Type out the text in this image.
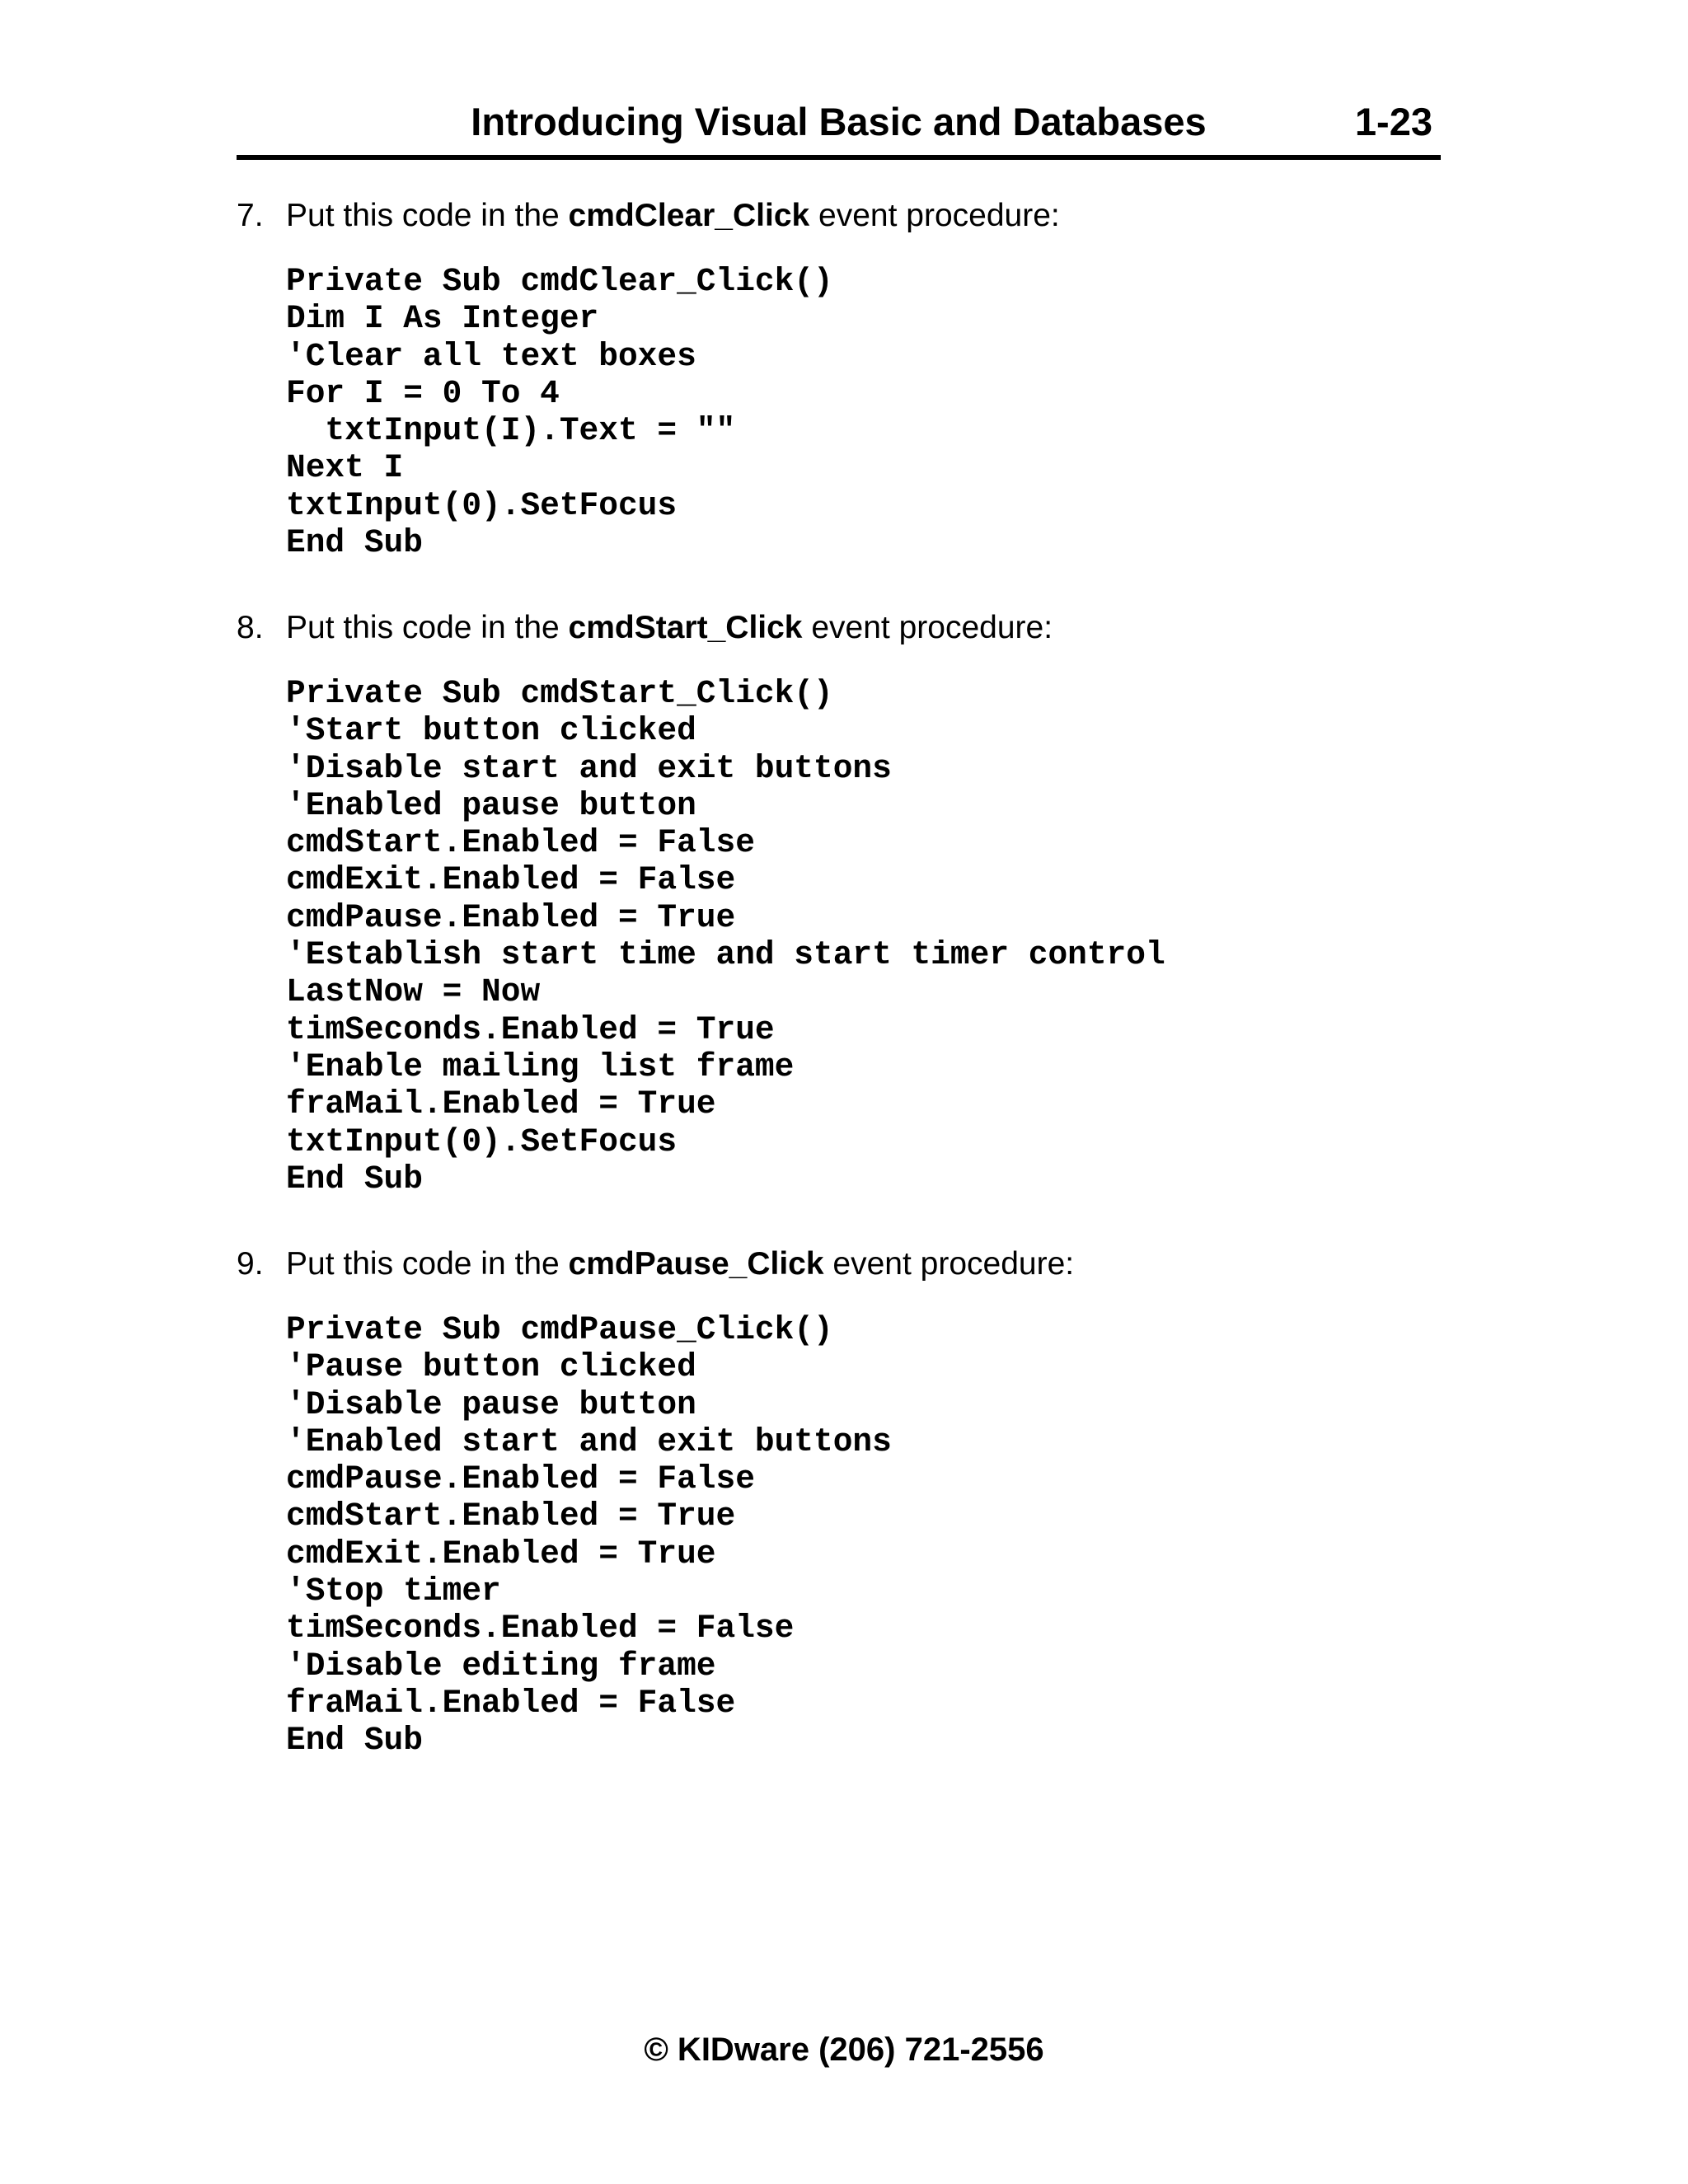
Introducing Visual Basic and Databases	1-23
7. Put this code in the cmdClear_Click event procedure:
Private Sub cmdClear_Click()
Dim I As Integer
'Clear all text boxes
For I = 0 To 4
txtInput(I).Text = ""
Next I
txtInput(0).SetFocus
End Sub
8. Put this code in the cmdStart_Click event procedure:
Private Sub cmdStart_Click()
'Start button clicked
'Disable start and exit buttons
'Enabled pause button
cmdStart.Enabled = False
cmdExit.Enabled = False
cmdPause.Enabled = True
'Establish start time and start timer control
LastNow = Now
timSeconds.Enabled = True
'Enable mailing list frame
fraMail.Enabled = True
txtInput(0).SetFocus
End Sub
9. Put this code in the cmdPause_Click event procedure:
Private Sub cmdPause_Click()
'Pause button clicked
'Disable pause button
'Enabled start and exit buttons
cmdPause.Enabled = False
cmdStart.Enabled = True
cmdExit.Enabled = True
'Stop timer
timSeconds.Enabled = False
'Disable editing frame
fraMail.Enabled = False
End Sub
© KIDware (206) 721-2556
